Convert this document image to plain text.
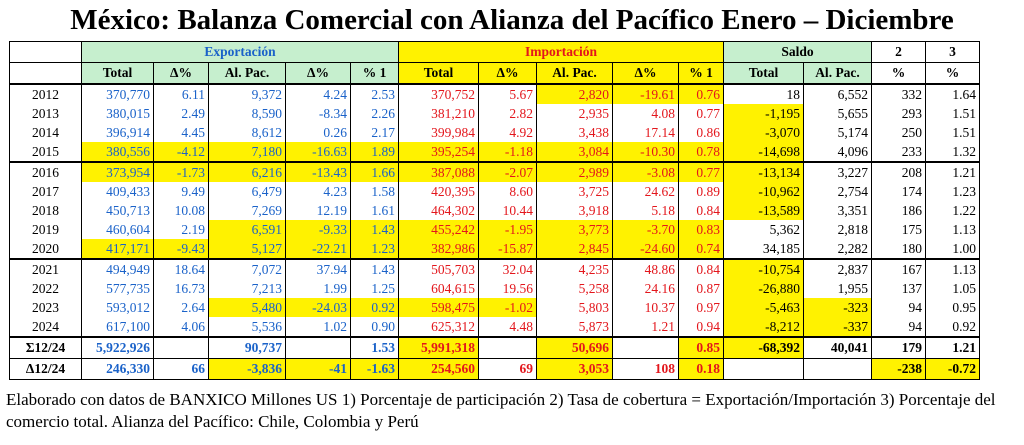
México: Balanza Comercial con Alianza del Pacífico Enero – Diciembre
	Exportación					Importación					Saldo		2	3
	Total	Δ%	Al. Pac.	Δ%	% 1	Total	Δ%	Al. Pac.	Δ%	% 1	Total	Al. Pac.	%	%
2012	370,770	6.11	9,372	4.24	2.53	370,752	5.67	2,820	-19.61	0.76	18	6,552	332	1.64
2013	380,015	2.49	8,590	-8.34	2.26	381,210	2.82	2,935	4.08	0.77	-1,195	5,655	293	1.51
2014	396,914	4.45	8,612	0.26	2.17	399,984	4.92	3,438	17.14	0.86	-3,070	5,174	250	1.51
2015	380,556	-4.12	7,180	-16.63	1.89	395,254	-1.18	3,084	-10.30	0.78	-14,698	4,096	233	1.32
2016	373,954	-1.73	6,216	-13.43	1.66	387,088	-2.07	2,989	-3.08	0.77	-13,134	3,227	208	1.21
2017	409,433	9.49	6,479	4.23	1.58	420,395	8.60	3,725	24.62	0.89	-10,962	2,754	174	1.23
2018	450,713	10.08	7,269	12.19	1.61	464,302	10.44	3,918	5.18	0.84	-13,589	3,351	186	1.22
2019	460,604	2.19	6,591	-9.33	1.43	455,242	-1.95	3,773	-3.70	0.83	5,362	2,818	175	1.13
2020	417,171	-9.43	5,127	-22.21	1.23	382,986	-15.87	2,845	-24.60	0.74	34,185	2,282	180	1.00
2021	494,949	18.64	7,072	37.94	1.43	505,703	32.04	4,235	48.86	0.84	-10,754	2,837	167	1.13
2022	577,735	16.73	7,213	1.99	1.25	604,615	19.56	5,258	24.16	0.87	-26,880	1,955	137	1.05
2023	593,012	2.64	5,480	-24.03	0.92	598,475	-1.02	5,803	10.37	0.97	-5,463	-323	94	0.95
2024	617,100	4.06	5,536	1.02	0.90	625,312	4.48	5,873	1.21	0.94	-8,212	-337	94	0.92
Σ12/24	5,922,926		90,737		1.53	5,991,318		50,696		0.85	-68,392	40,041	179	1.21
Δ12/24	246,330	66	-3,836	-41	-1.63	254,560	69	3,053	108	0.18			-238	-0.72
Elaborado con datos de BANXICO Millones US 1) Porcentaje de participación 2) Tasa de cobertura = Exportación/Importación 3) Porcentaje del comercio total. Alianza del Pacífico: Chile, Colombia y Perú
